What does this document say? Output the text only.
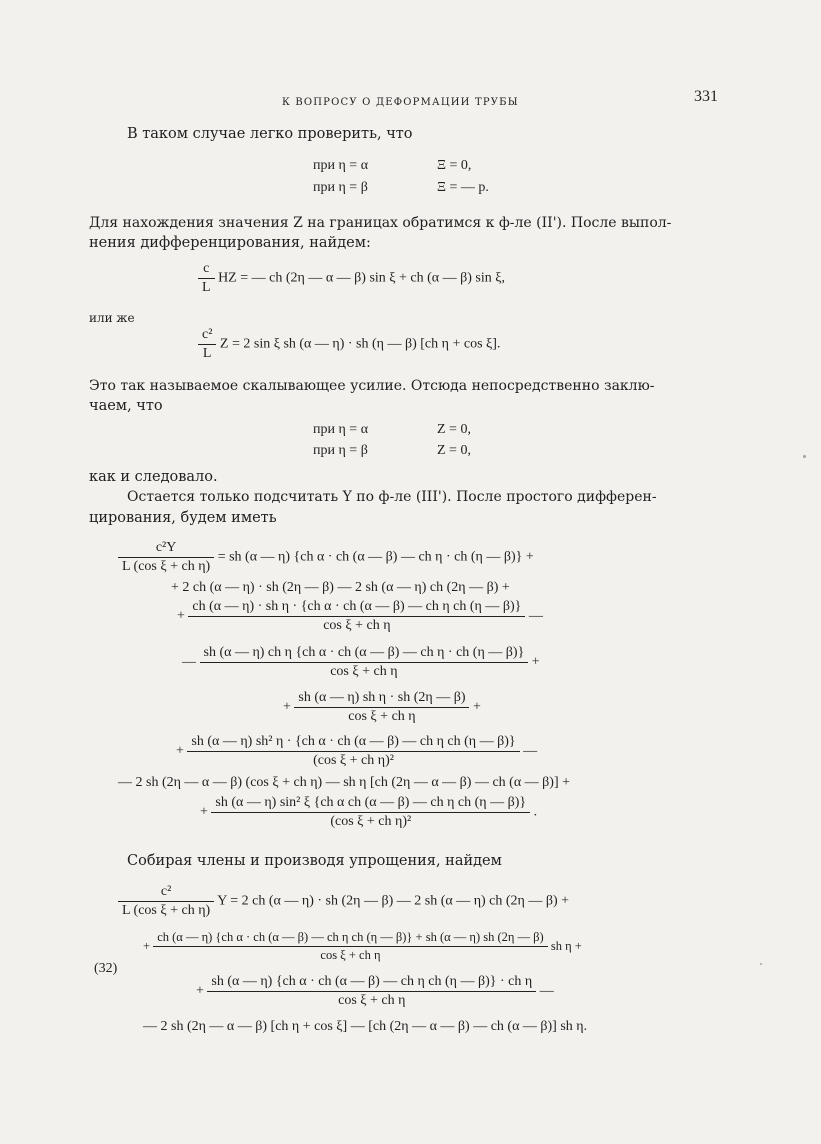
К ВОПРОСУ О ДЕФОРМАЦИИ ТРУБЫ	331
В таком случае легко проверить, что
при η = α	Ξ = 0,
при η = β	Ξ = — p.
Для нахождения значения Z на границах обратимся к ф-ле (II'). После выпол-
нения дифференцирования, найдем:
$\frac{c}{L}$ HZ = — ch (2η — α — β) sin ξ + ch (α — β) sin ξ,
или же
$\frac{\text{c²}}{L}$ Z = 2 sin ξ sh (α — η) · sh (η — β) [ch η + cos ξ].
Это так называемое скалывающее усилие. Отсюда непосредственно заклю-
чаем, что
при η = α	Z = 0,
при η = β	Z = 0,
как и следовало.
Остается только подсчитать Υ по ф-ле (III'). После простого дифферен-
цирования, будем иметь
$\frac{\text{c²Υ}}{\text{L (cos ξ + ch η)}}$ = sh (α — η) {ch α · ch (α — β) — ch η · ch (η — β)} +
+ 2 ch (α — η) · sh (2η — β) — 2 sh (α — η) ch (2η — β) +
+ $\frac{\text{ch (α — η) · sh η · \{ch α · ch (α — β) — ch η ch (η — β)\}}}{\text{cos ξ + ch η}}$ —
— $\frac{\text{sh (α — η) ch η \{ch α · ch (α — β) — ch η · ch (η — β)\}}}{\text{cos ξ + ch η}}$ +
+ $\frac{\text{sh (α — η) sh η · sh (2η — β)}}{\text{cos ξ + ch η}}$ +
+ $\frac{\text{sh (α — η) sh² η · \{ch α · ch (α — β) — ch η ch (η — β)\}}}{\text{(cos ξ + ch η)²}}$ —
— 2 sh (2η — α — β) (cos ξ + ch η) — sh η [ch (2η — α — β) — ch (α — β)] +
+ $\frac{\text{sh (α — η) sin² ξ \{ch α ch (α — β) — ch η ch (η — β)\}}}{\text{(cos ξ + ch η)²}}$ .
Собирая члены и производя упрощения, найдем
$\frac{\text{c²}}{\text{L (cos ξ + ch η)}}$ Υ = 2 ch (α — η) · sh (2η — β) — 2 sh (α — η) ch (2η — β) +
+
ch (α — η) {ch α · ch (α — β) — ch η ch (η — β)} + sh (α — η) sh (2η — β)
cos ξ + ch η
sh η +
(32)
+ $\frac{\text{sh (α — η) \{ch α · ch (α — β) — ch η ch (η — β)\} · ch η}}{\text{cos ξ + ch η}}$ —
— 2 sh (2η — α — β) [ch η + cos ξ] — [ch (2η — α — β) — ch (α — β)] sh η.
